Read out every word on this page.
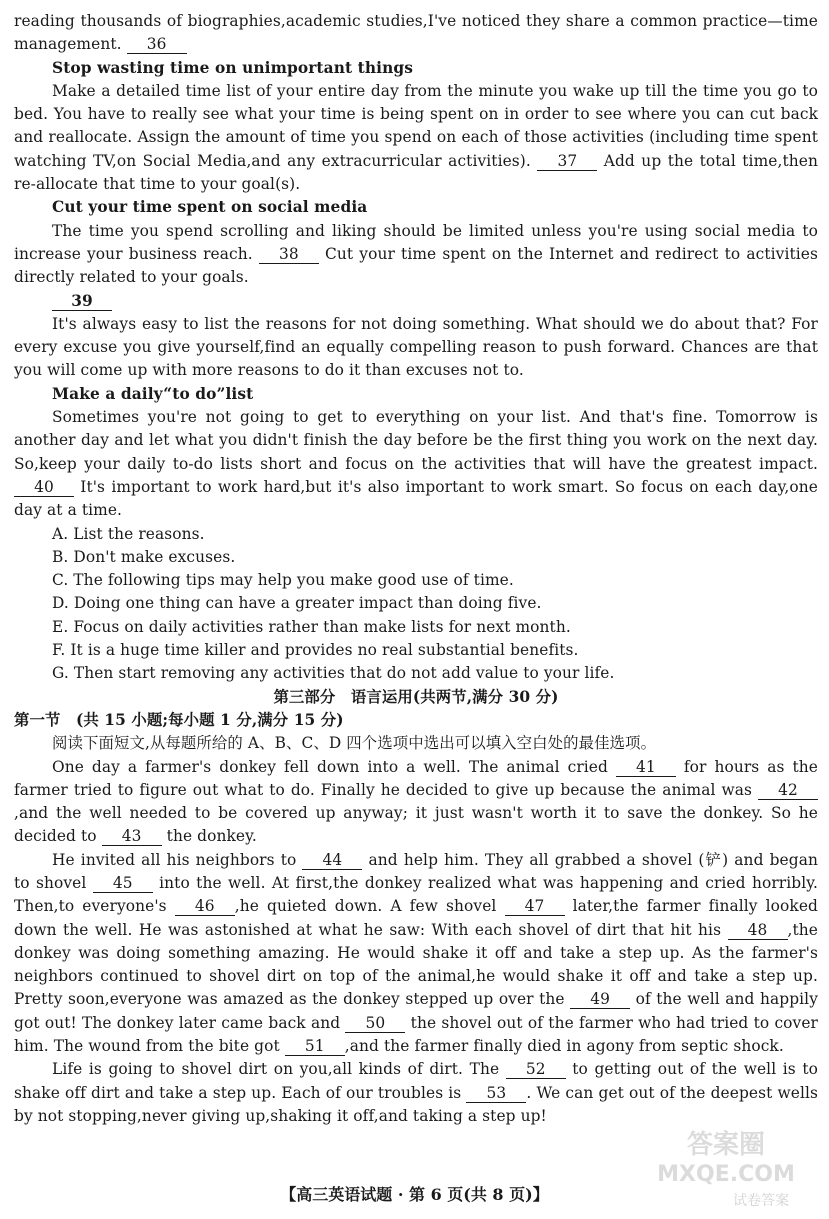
reading thousands of biographies,academic studies,I've noticed they share a common practice—time management. 36

Stop wasting time on unimportant things

Make a detailed time list of your entire day from the minute you wake up till the time you go to bed. You have to really see what your time is being spent on in order to see where you can cut back and reallocate. Assign the amount of time you spend on each of those activities (including time spent watching TV,on Social Media,and any extracurricular activities). 37 Add up the total time,then re-allocate that time to your goal(s).

Cut your time spent on social media

The time you spend scrolling and liking should be limited unless you're using social media to increase your business reach. 38 Cut your time spent on the Internet and redirect to activities directly related to your goals.

39

It's always easy to list the reasons for not doing something. What should we do about that? For every excuse you give yourself,find an equally compelling reason to push forward. Chances are that you will come up with more reasons to do it than excuses not to.

Make a daily“to do”list

Sometimes you're not going to get to everything on your list. And that's fine. Tomorrow is another day and let what you didn't finish the day before be the first thing you work on the next day. So,keep your daily to-do lists short and focus on the activities that will have the greatest impact. 40 It's important to work hard,but it's also important to work smart. So focus on each day,one day at a time.

A. List the reasons.

B. Don't make excuses.

C. The following tips may help you make good use of time.

D. Doing one thing can have a greater impact than doing five.

E. Focus on daily activities rather than make lists for next month.

F. It is a huge time killer and provides no real substantial benefits.

G. Then start removing any activities that do not add value to your life.

第三部分　语言运用(共两节,满分 30 分)

第一节　(共 15 小题;每小题 1 分,满分 15 分)

阅读下面短文,从每题所给的 A、B、C、D 四个选项中选出可以填入空白处的最佳选项。

One day a farmer's donkey fell down into a well. The animal cried 41 for hours as the farmer tried to figure out what to do. Finally he decided to give up because the animal was 42,and the well needed to be covered up anyway; it just wasn't worth it to save the donkey. So he decided to 43 the donkey.

He invited all his neighbors to 44 and help him. They all grabbed a shovel (铲) and began to shovel 45 into the well. At first,the donkey realized what was happening and cried horribly. Then,to everyone's 46 ,he quieted down. A few shovel 47 later,the farmer finally looked down the well. He was astonished at what he saw: With each shovel of dirt that hit his 48 ,the donkey was doing something amazing. He would shake it off and take a step up. As the farmer's neighbors continued to shovel dirt on top of the animal,he would shake it off and take a step up. Pretty soon,everyone was amazed as the donkey stepped up over the 49 of the well and happily got out! The donkey later came back and 50 the shovel out of the farmer who had tried to cover him. The wound from the bite got 51 ,and the farmer finally died in agony from septic shock.

Life is going to shovel dirt on you,all kinds of dirt. The 52 to getting out of the well is to shake off dirt and take a step up. Each of our troubles is 53 . We can get out of the deepest wells by not stopping,never giving up,shaking it off,and taking a step up!

【高三英语试题 · 第 6 页(共 8 页)】
答案圈
MXQE.COM
试卷答案
